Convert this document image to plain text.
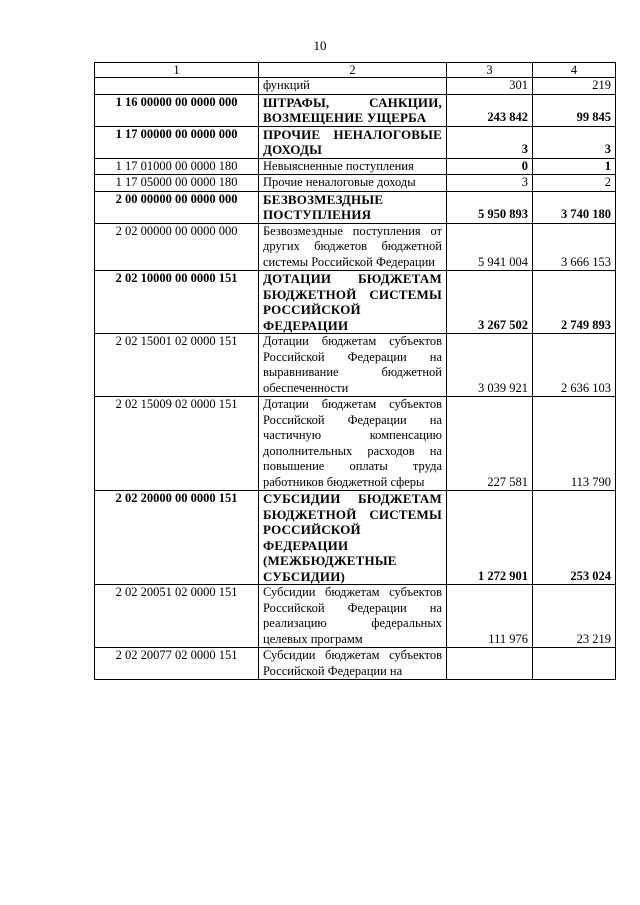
10
1	2	3	4
	функций	301	219
1 16 00000 00 0000 000	ШТРАФЫ, САНКЦИИ, ВОЗМЕЩЕНИЕ УЩЕРБА	243 842	99 845
1 17 00000 00 0000 000	ПРОЧИЕ НЕНАЛОГОВЫЕ ДОХОДЫ	3	3
1 17 01000 00 0000 180	Невыясненные поступления	0	1
1 17 05000 00 0000 180	Прочие неналоговые доходы	3	2
2 00 00000 00 0000 000	БЕЗВОЗМЕЗДНЫЕ ПОСТУПЛЕНИЯ	5 950 893	3 740 180
2 02 00000 00 0000 000	Безвозмездные поступления от других бюджетов бюджетной системы Российской Федерации	5 941 004	3 666 153
2 02 10000 00 0000 151	ДОТАЦИИ БЮДЖЕТАМ БЮДЖЕТНОЙ СИСТЕМЫ РОССИЙСКОЙ ФЕДЕРАЦИИ	3 267 502	2 749 893
2 02 15001 02 0000 151	Дотации бюджетам субъектов Российской Федерации на выравнивание бюджетной обеспеченности	3 039 921	2 636 103
2 02 15009 02 0000 151	Дотации бюджетам субъектов Российской Федерации на частичную компенсацию дополнительных расходов на повышение оплаты труда работников бюджетной сферы	227 581	113 790
2 02 20000 00 0000 151	СУБСИДИИ БЮДЖЕТАМ БЮДЖЕТНОЙ СИСТЕМЫ РОССИЙСКОЙ ФЕДЕРАЦИИ (МЕЖБЮДЖЕТНЫЕ СУБСИДИИ)	1 272 901	253 024
2 02 20051 02 0000 151	Субсидии бюджетам субъектов Российской Федерации на реализацию федеральных целевых программ	111 976	23 219
2 02 20077 02 0000 151	Субсидии бюджетам субъектов Российской Федерации на		
